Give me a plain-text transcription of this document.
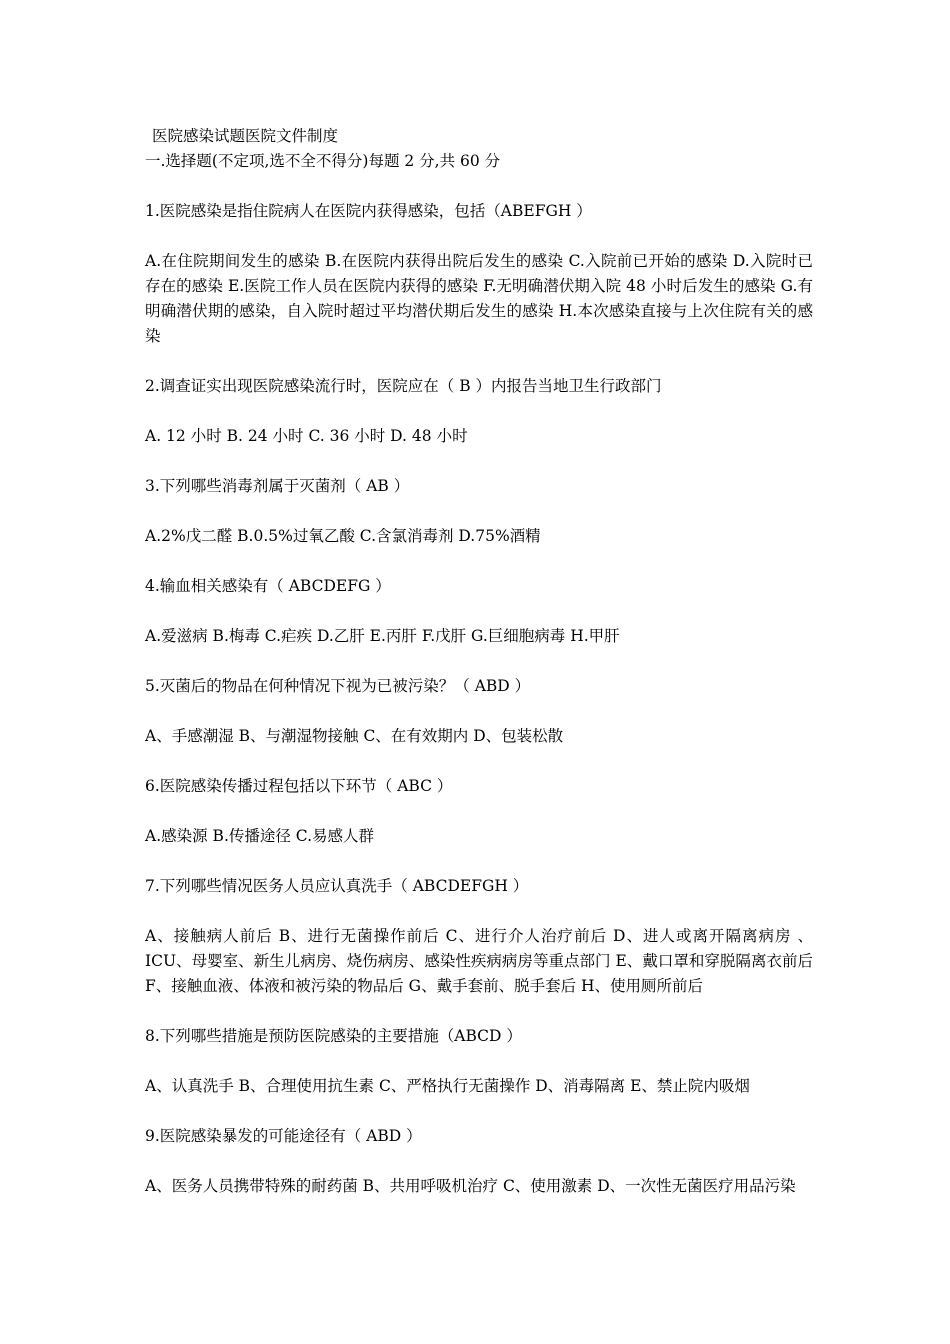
医院感染试题医院文件制度
一.选择题(不定项,选不全不得分)每题 2 分,共 60 分

1.医院感染是指住院病人在医院内获得感染，包括（ABEFGH ）

A.在住院期间发生的感染 B.在医院内获得出院后发生的感染 C.入院前已开始的感染 D.入院时已存在的感染 E.医院工作人员在医院内获得的感染 F.无明确潜伏期入院 48 小时后发生的感染 G.有明确潜伏期的感染，自入院时超过平均潜伏期后发生的感染 H.本次感染直接与上次住院有关的感染

2.调查证实出现医院感染流行时，医院应在（ B ）内报告当地卫生行政部门

A. 12 小时 B. 24 小时 C. 36 小时 D. 48 小时

3.下列哪些消毒剂属于灭菌剂（ AB ）

A.2%戊二醛 B.0.5%过氧乙酸 C.含氯消毒剂 D.75%酒精

4.输血相关感染有（ ABCDEFG ）

A.爱滋病 B.梅毒 C.疟疾 D.乙肝 E.丙肝 F.戊肝 G.巨细胞病毒 H.甲肝

5.灭菌后的物品在何种情况下视为已被污染？（ ABD ）

A、手感潮湿 B、与潮湿物接触 C、在有效期内 D、包装松散

6.医院感染传播过程包括以下环节（ ABC ）

A.感染源 B.传播途径 C.易感人群

7.下列哪些情况医务人员应认真洗手（ ABCDEFGH ）

A、接触病人前后 B、进行无菌操作前后 C、进行介人治疗前后 D、进人或离开隔离病房 、ICU、母婴室、新生儿病房、烧伤病房、感染性疾病病房等重点部门 E、戴口罩和穿脱隔离衣前后 F、接触血液、体液和被污染的物品后 G、戴手套前、脱手套后 H、使用厕所前后

8.下列哪些措施是预防医院感染的主要措施（ABCD ）

A、认真洗手 B、合理使用抗生素 C、严格执行无菌操作 D、消毒隔离 E、禁止院内吸烟

9.医院感染暴发的可能途径有（ ABD ）

A、医务人员携带特殊的耐药菌 B、共用呼吸机治疗 C、使用激素 D、一次性无菌医疗用品污染
